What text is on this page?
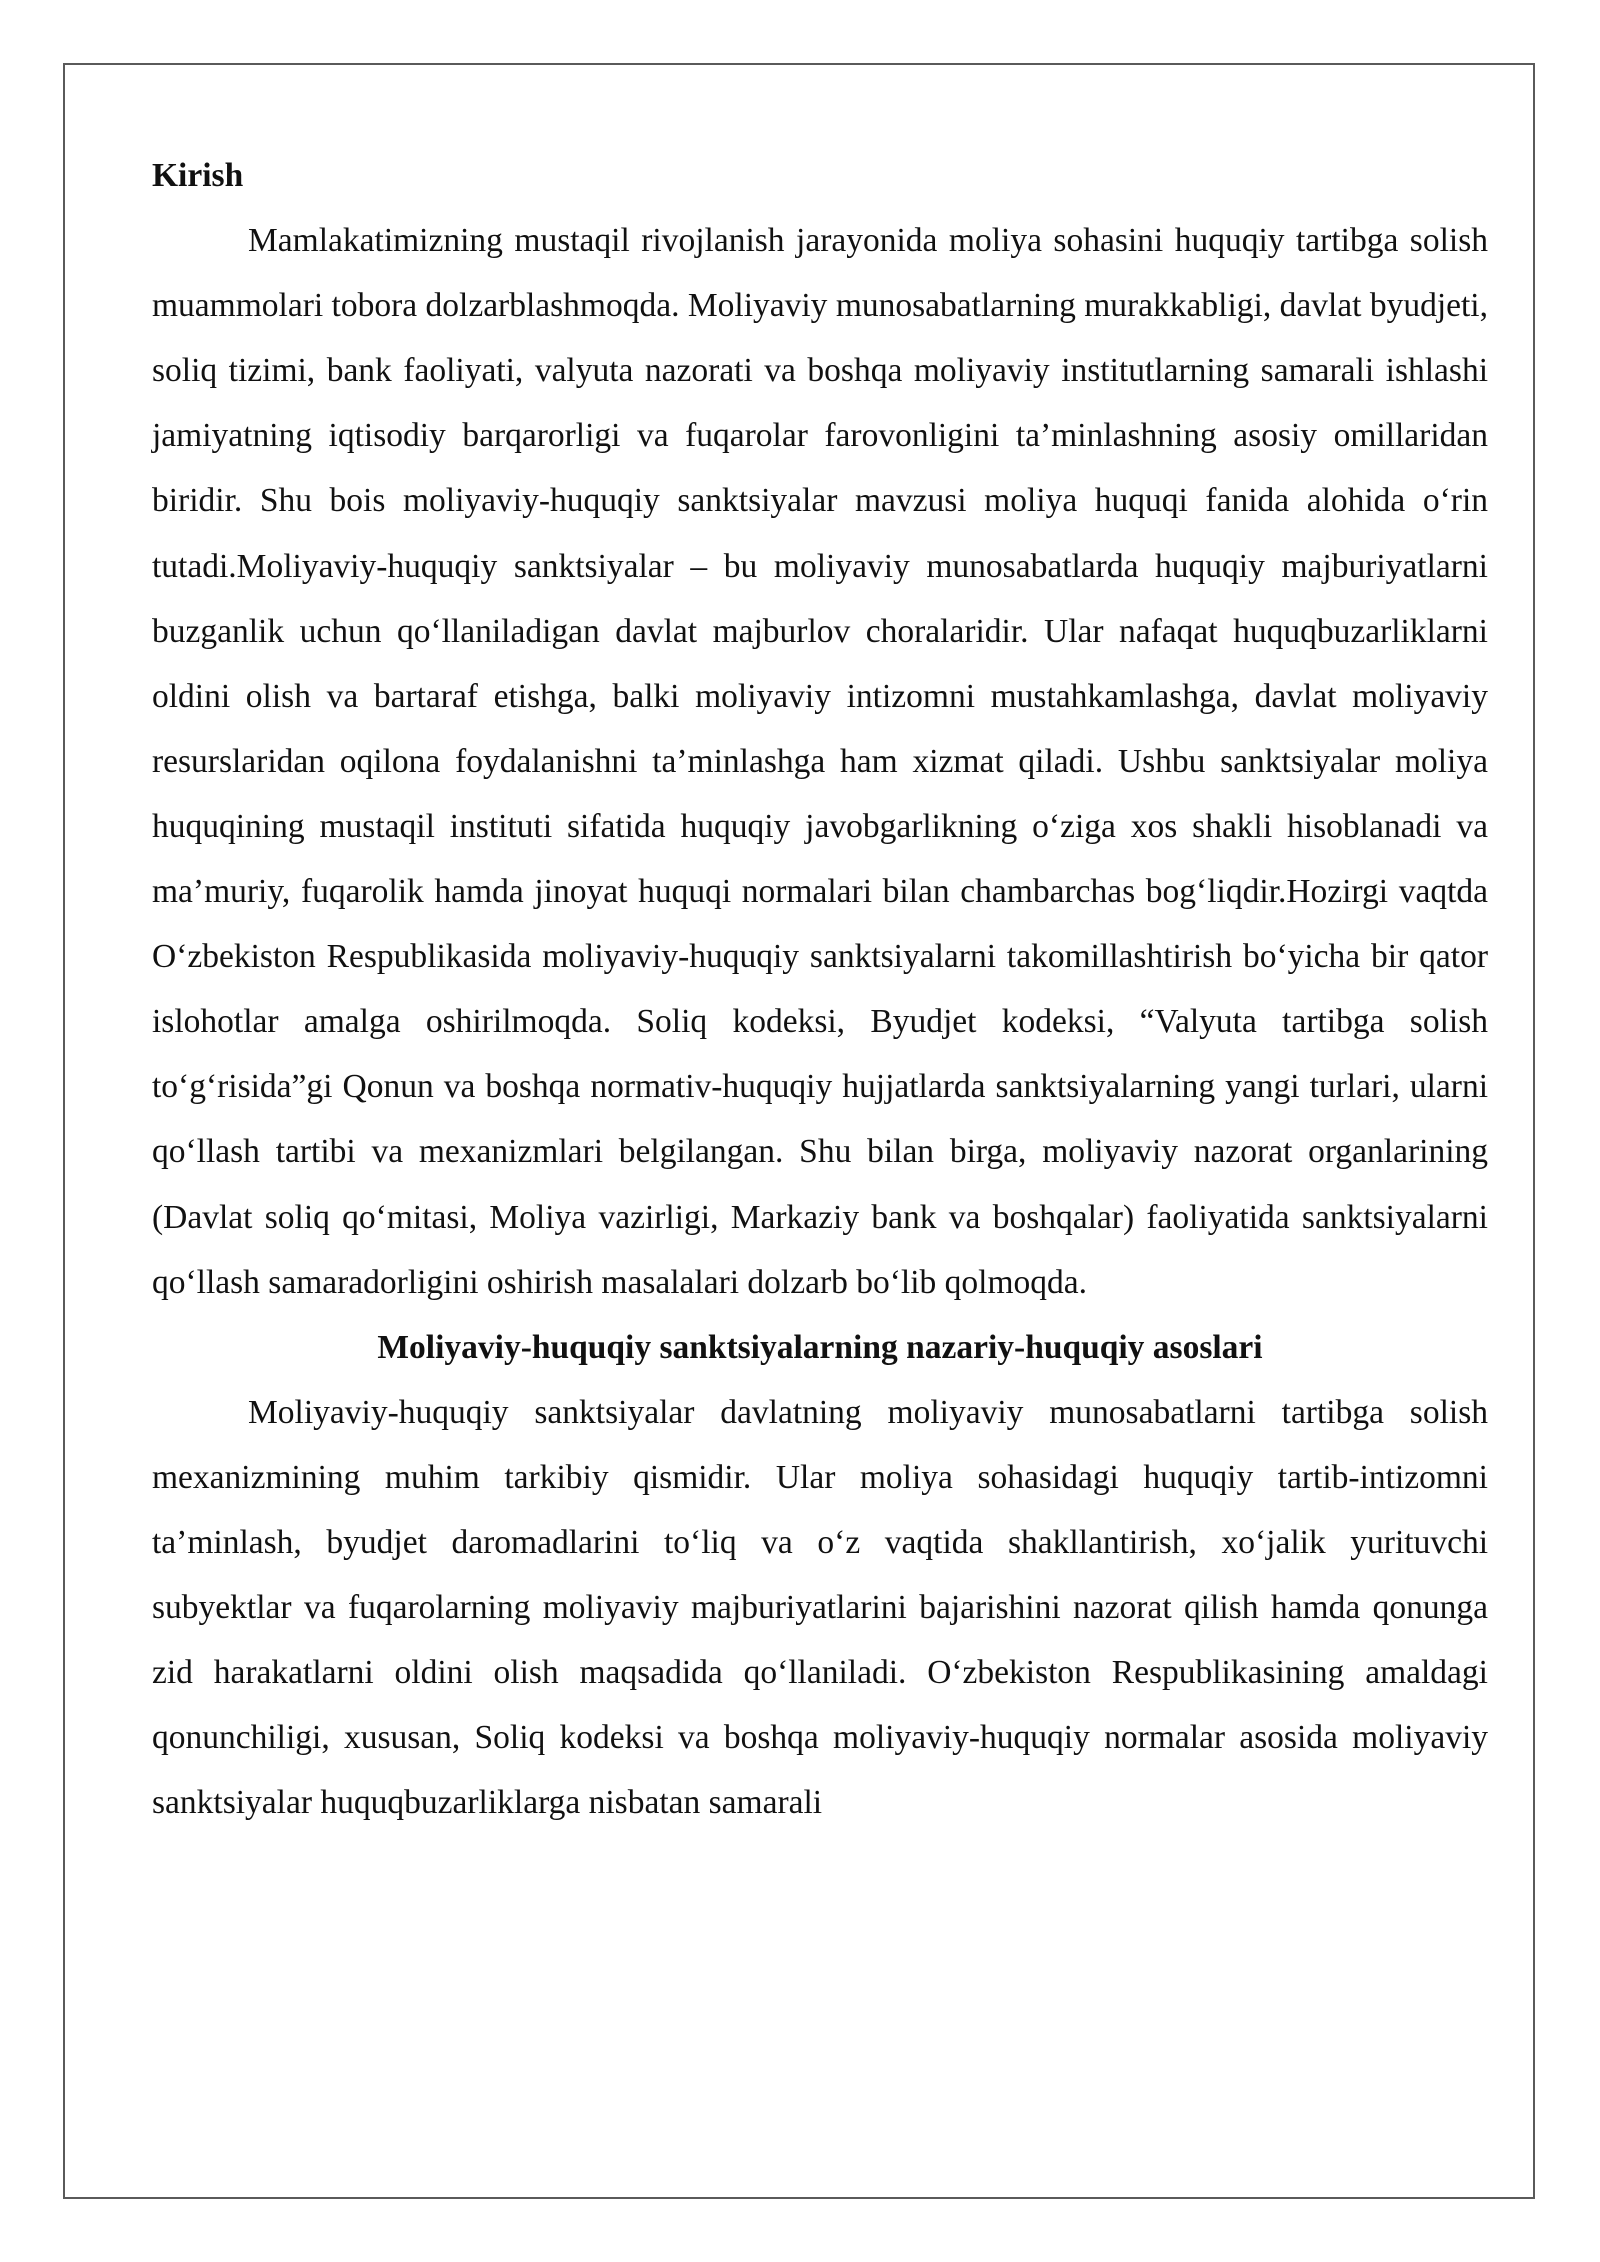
Kirish

Mamlakatimizning mustaqil rivojlanish jarayonida moliya sohasini huquqiy tartibga solish muammolari tobora dolzarblashmoqda. Moliyaviy munosabatlarning murakkabligi, davlat byudjeti, soliq tizimi, bank faoliyati, valyuta nazorati va boshqa moliyaviy institutlarning samarali ishlashi jamiyatning iqtisodiy barqarorligi va fuqarolar farovonligini ta’minlashning asosiy omillaridan biridir. Shu bois moliyaviy-huquqiy sanktsiyalar mavzusi moliya huquqi fanida alohida o‘rin tutadi.Moliyaviy-huquqiy sanktsiyalar – bu moliyaviy munosabatlarda huquqiy majburiyatlarni buzganlik uchun qo‘llaniladigan davlat majburlov choralaridir. Ular nafaqat huquqbuzarliklarni oldini olish va bartaraf etishga, balki moliyaviy intizomni mustahkamlashga, davlat moliyaviy resurslaridan oqilona foydalanishni ta’minlashga ham xizmat qiladi. Ushbu sanktsiyalar moliya huquqining mustaqil instituti sifatida huquqiy javobgarlikning o‘ziga xos shakli hisoblanadi va ma’muriy, fuqarolik hamda jinoyat huquqi normalari bilan chambarchas bog‘liqdir.Hozirgi vaqtda O‘zbekiston Respublikasida moliyaviy-huquqiy sanktsiyalarni takomillashtirish bo‘yicha bir qator islohotlar amalga oshirilmoqda. Soliq kodeksi, Byudjet kodeksi, “Valyuta tartibga solish to‘g‘risida”gi Qonun va boshqa normativ-huquqiy hujjatlarda sanktsiyalarning yangi turlari, ularni qo‘llash tartibi va mexanizmlari belgilangan. Shu bilan birga, moliyaviy nazorat organlarining (Davlat soliq qo‘mitasi, Moliya vazirligi, Markaziy bank va boshqalar) faoliyatida sanktsiyalarni qo‘llash samaradorligini oshirish masalalari dolzarb bo‘lib qolmoqda.

Moliyaviy-huquqiy sanktsiyalarning nazariy-huquqiy asoslari

Moliyaviy-huquqiy sanktsiyalar davlatning moliyaviy munosabatlarni tartibga solish mexanizmining muhim tarkibiy qismidir. Ular moliya sohasidagi huquqiy tartib-intizomni ta’minlash, byudjet daromadlarini to‘liq va o‘z vaqtida shakllantirish, xo‘jalik yurituvchi subyektlar va fuqarolarning moliyaviy majburiyatlarini bajarishini nazorat qilish hamda qonunga zid harakatlarni oldini olish maqsadida qo‘llaniladi. O‘zbekiston Respublikasining amaldagi qonunchiligi, xususan, Soliq kodeksi va boshqa moliyaviy-huquqiy normalar asosida moliyaviy sanktsiyalar huquqbuzarliklarga nisbatan samarali
